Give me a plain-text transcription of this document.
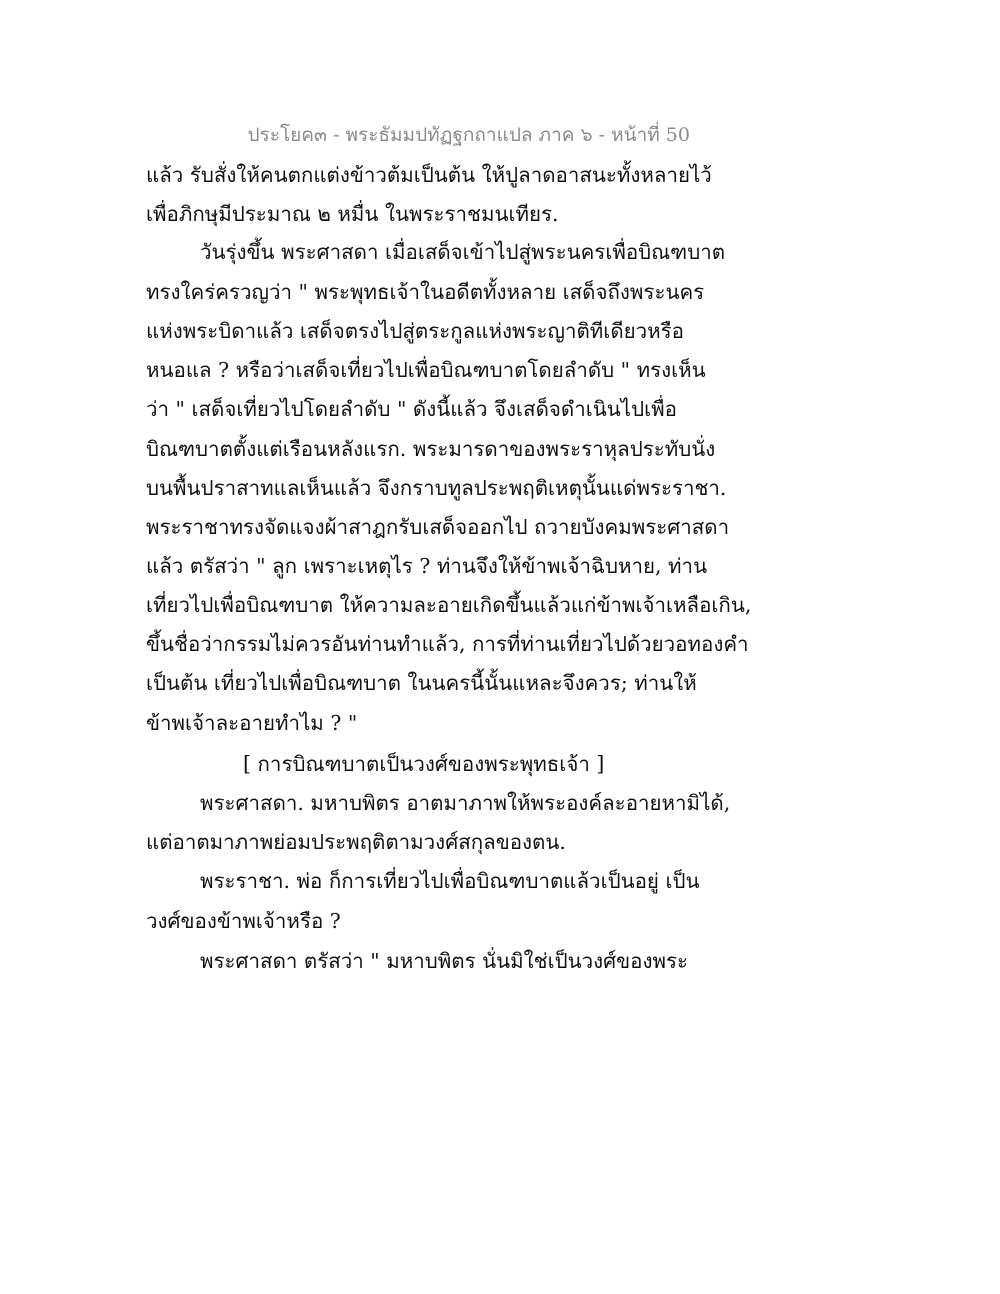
ประโยค๓ - พระธัมมปทัฏฐกถาแปล ภาค ๖ - หน้าที่ 50
แล้ว รับสั่งให้คนตกแต่งข้าวต้มเป็นต้น ให้ปูลาดอาสนะทั้งหลายไว้
เพื่อภิกษุมีประมาณ ๒ หมื่น ในพระราชมนเทียร.
วันรุ่งขึ้น พระศาสดา เมื่อเสด็จเข้าไปสู่พระนครเพื่อบิณฑบาต
ทรงใคร่ครวญว่า " พระพุทธเจ้าในอดีตทั้งหลาย เสด็จถึงพระนคร
แห่งพระบิดาแล้ว เสด็จตรงไปสู่ตระกูลแห่งพระญาติทีเดียวหรือ
หนอแล ? หรือว่าเสด็จเที่ยวไปเพื่อบิณฑบาตโดยลำดับ " ทรงเห็น
ว่า " เสด็จเที่ยวไปโดยลำดับ " ดังนี้แล้ว จึงเสด็จดำเนินไปเพื่อ
บิณฑบาตตั้งแต่เรือนหลังแรก. พระมารดาของพระราหุลประทับนั่ง
บนพื้นปราสาทแลเห็นแล้ว จึงกราบทูลประพฤติเหตุนั้นแด่พระราชา.
พระราชาทรงจัดแจงผ้าสาฎกรับเสด็จออกไป ถวายบังคมพระศาสดา
แล้ว ตรัสว่า " ลูก เพราะเหตุไร ? ท่านจึงให้ข้าพเจ้าฉิบหาย, ท่าน
เที่ยวไปเพื่อบิณฑบาต ให้ความละอายเกิดขึ้นแล้วแก่ข้าพเจ้าเหลือเกิน,
ขึ้นชื่อว่ากรรมไม่ควรอันท่านทำแล้ว, การที่ท่านเที่ยวไปด้วยวอทองคำ
เป็นต้น เที่ยวไปเพื่อบิณฑบาต ในนครนี้นั้นแหละจึงควร; ท่านให้
ข้าพเจ้าละอายทำไม ? "
[ การบิณฑบาตเป็นวงศ์ของพระพุทธเจ้า ]
พระศาสดา. มหาบพิตร อาตมาภาพให้พระองค์ละอายหามิได้,
แต่อาตมาภาพย่อมประพฤติตามวงศ์สกุลของตน.
พระราชา. พ่อ ก็การเที่ยวไปเพื่อบิณฑบาตแล้วเป็นอยู่ เป็น
วงศ์ของข้าพเจ้าหรือ ?
พระศาสดา ตรัสว่า " มหาบพิตร นั่นมิใช่เป็นวงศ์ของพระ
